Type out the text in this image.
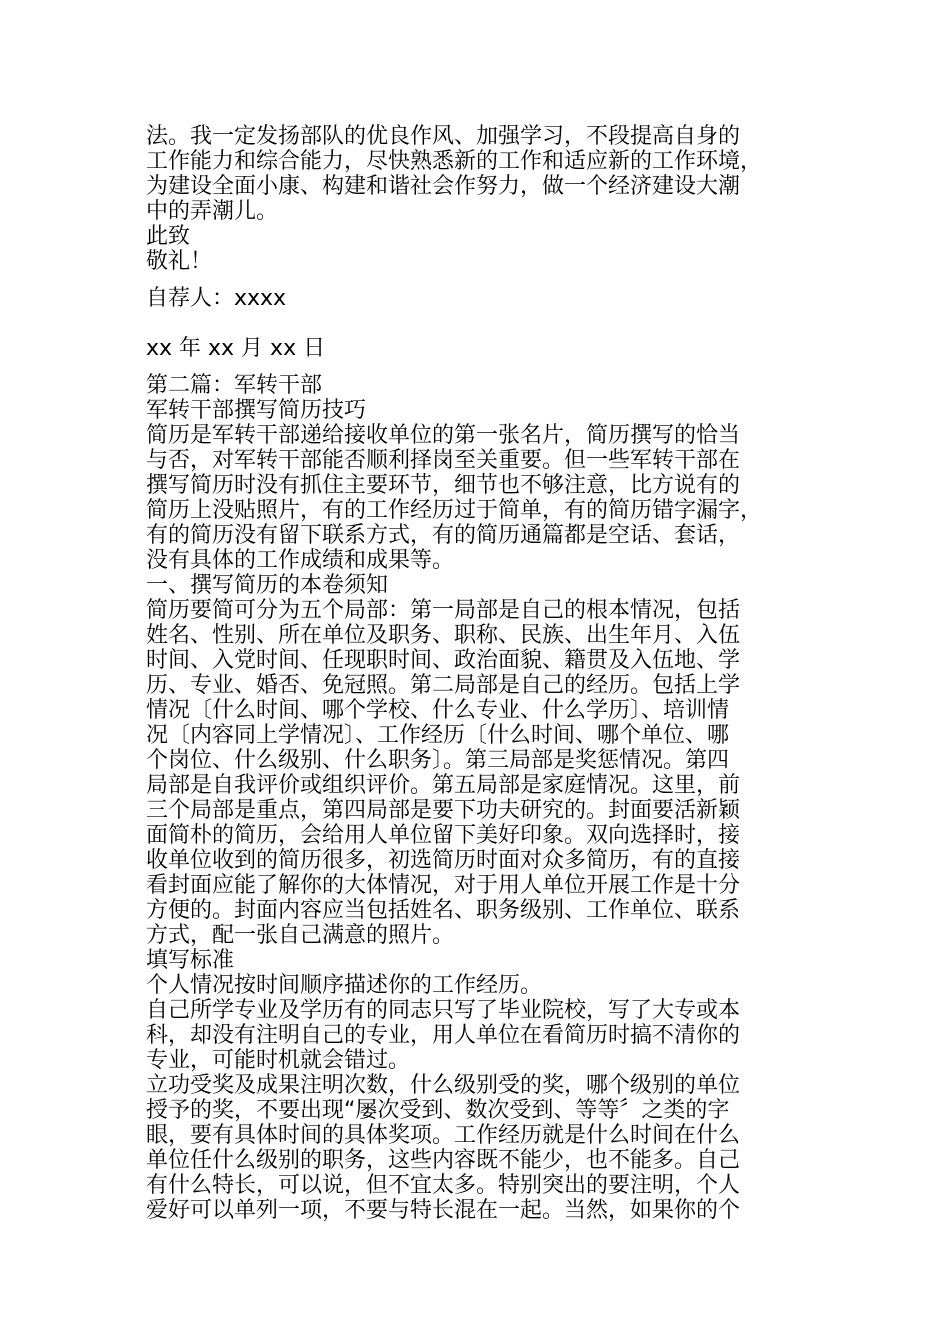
法。我一定发扬部队的优良作风、加强学习，不段提高自身的
工作能力和综合能力，尽快熟悉新的工作和适应新的工作环境，
为建设全面小康、构建和谐社会作努力，做一个经济建设大潮
中的弄潮儿。
此致
敬礼！
自荐人：xxxx
xx 年 xx 月 xx 日
第二篇：军转干部
军转干部撰写简历技巧
简历是军转干部递给接收单位的第一张名片，简历撰写的恰当
与否，对军转干部能否顺利择岗至关重要。但一些军转干部在
撰写简历时没有抓住主要环节，细节也不够注意，比方说有的
简历上没贴照片，有的工作经历过于简单，有的简历错字漏字，
有的简历没有留下联系方式，有的简历通篇都是空话、套话，
没有具体的工作成绩和成果等。
一、撰写简历的本卷须知
简历要简可分为五个局部：第一局部是自己的根本情况，包括
姓名、性别、所在单位及职务、职称、民族、出生年月、入伍
时间、入党时间、任现职时间、政治面貌、籍贯及入伍地、学
历、专业、婚否、免冠照。第二局部是自己的经历。包括上学
情况〔什么时间、哪个学校、什么专业、什么学历〕、培训情
况〔内容同上学情况〕、工作经历〔什么时间、哪个单位、哪
个岗位、什么级别、什么职务〕。第三局部是奖惩情况。第四
局部是自我评价或组织评价。第五局部是家庭情况。这里，前
三个局部是重点，第四局部是要下功夫研究的。封面要活新颖
面简朴的简历，会给用人单位留下美好印象。双向选择时，接
收单位收到的简历很多，初选简历时面对众多简历，有的直接
看封面应能了解你的大体情况，对于用人单位开展工作是十分
方便的。封面内容应当包括姓名、职务级别、工作单位、联系
方式，配一张自己满意的照片。
填写标准
个人情况按时间顺序描述你的工作经历。
自己所学专业及学历有的同志只写了毕业院校，写了大专或本
科，却没有注明自己的专业，用人单位在看简历时搞不清你的
专业，可能时机就会错过。
立功受奖及成果注明次数，什么级别受的奖，哪个级别的单位
授予的奖，不要出现“屡次受到、数次受到、等等〞之类的字
眼，要有具体时间的具体奖项。工作经历就是什么时间在什么
单位任什么级别的职务，这些内容既不能少，也不能多。自己
有什么特长，可以说，但不宜太多。特别突出的要注明，个人
爱好可以单列一项，不要与特长混在一起。当然，如果你的个
